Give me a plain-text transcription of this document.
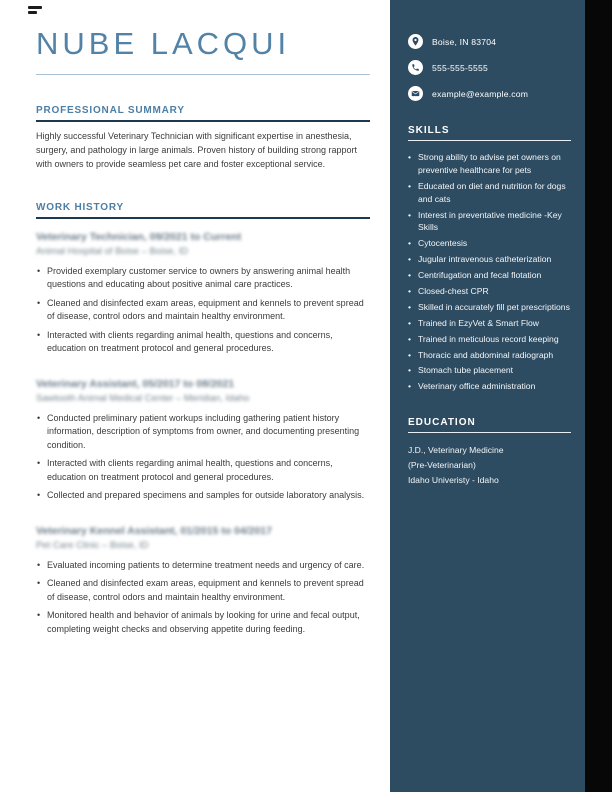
NUBE LACQUI
PROFESSIONAL SUMMARY

Highly successful Veterinary Technician with significant expertise in anesthesia, surgery, and pathology in large animals. Proven history of building strong rapport with owners to provide seamless pet care and foster exceptional service.

WORK HISTORY
Veterinary Technician, 09/2021 to Current
Animal Hospital of Boise – Boise, ID
• Provided exemplary customer service to owners by answering animal health questions and educating about positive animal care practices.
• Cleaned and disinfected exam areas, equipment and kennels to prevent spread of disease, control odors and maintain healthy environment.
• Interacted with clients regarding animal health, questions and concerns, education on treatment protocol and general procedures.
Veterinary Assistant, 05/2017 to 08/2021
Sawtooth Animal Medical Center – Meridian, Idaho
• Conducted preliminary patient workups including gathering patient history information, description of symptoms from owner, and documenting presenting condition.
• Interacted with clients regarding animal health, questions and concerns, education on treatment protocol and general procedures.
• Collected and prepared specimens and samples for outside laboratory analysis.
Veterinary Kennel Assistant, 01/2015 to 04/2017
Pet Care Clinic – Boise, ID
• Evaluated incoming patients to determine treatment needs and urgency of care.
• Cleaned and disinfected exam areas, equipment and kennels to prevent spread of disease, control odors and maintain healthy environment.
• Monitored health and behavior of animals by looking for urine and fecal output, completing weight checks and observing appetite during feeding.
Boise, IN 83704
555-555-5555
example@example.com
SKILLS
• Strong ability to advise pet owners on preventive healthcare for pets
• Educated on diet and nutrition for dogs and cats
• Interest in preventative medicine -Key Skills
• Cytocentesis
• Jugular intravenous catheterization
• Centrifugation and fecal flotation
• Closed-chest CPR
• Skilled in accurately fill pet prescriptions
• Trained in EzyVet & Smart Flow
• Trained in meticulous record keeping
• Thoracic and abdominal radiograph
• Stomach tube placement
• Veterinary office administration
EDUCATION
J.D., Veterinary Medicine
(Pre-Veterinarian)
Idaho Univeristy - Idaho
